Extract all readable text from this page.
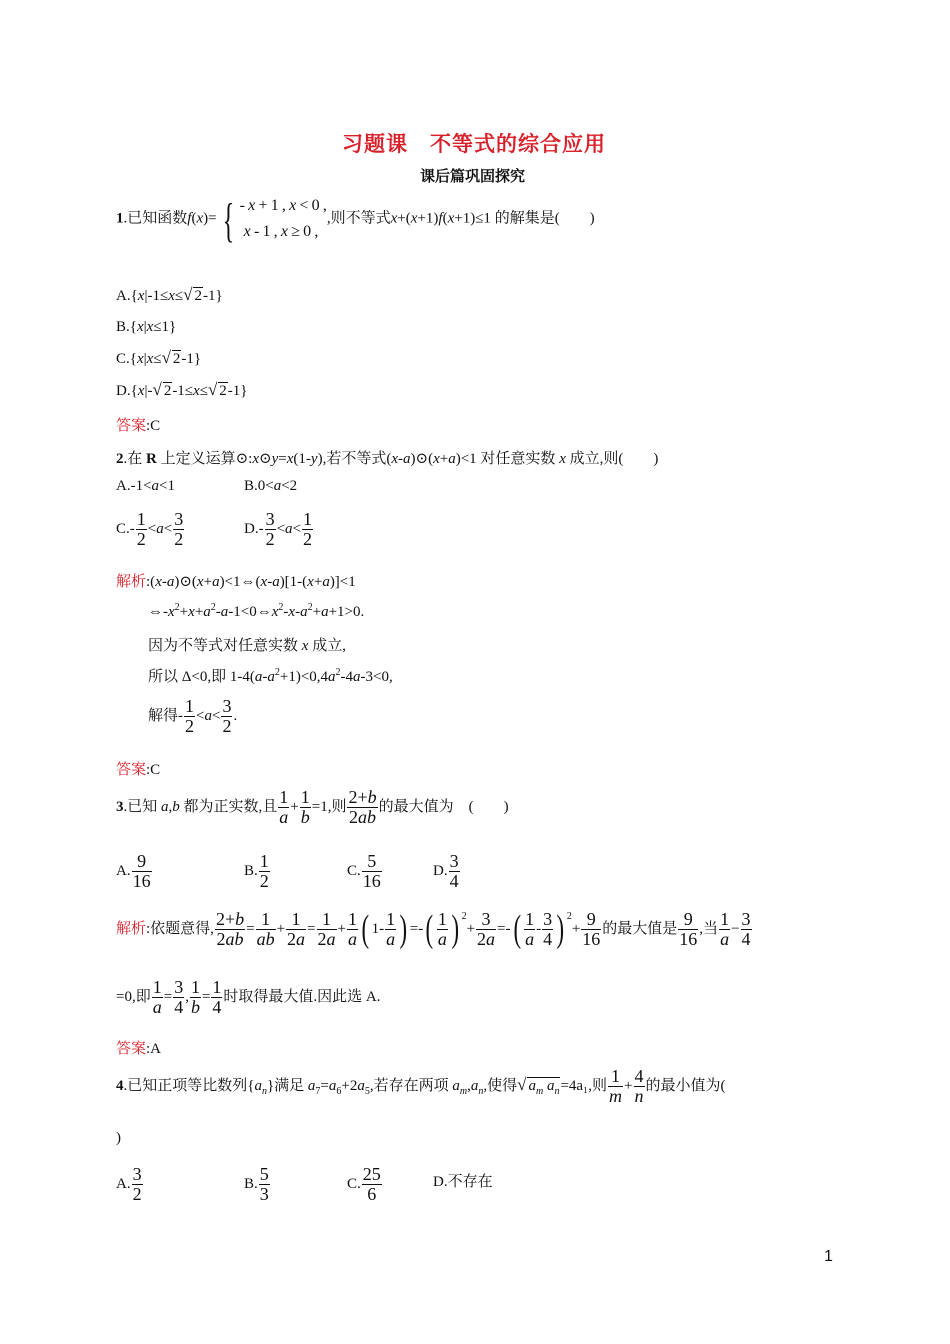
习题课　不等式的综合应用
课后篇巩固探究
1.已知函数f(x)= { - x + 1 , x < 0 ,
x - 1 , x ≥ 0 ,,则不等式x+(x+1)f(x+1)≤1 的解集是(　　)
A.{x|-1≤x≤√ 2-1}
B.{x|x≤1}
C.{x|x≤√ 2-1}
D.{x|-√ 2-1≤x≤√ 2-1}
答案:C
2.在 R 上定义运算⊙:x⊙y=x(1-y),若不等式(x-a)⊙(x+a)<1 对任意实数 x 成立,则(　　)
A.-1<a<1	B.0<a<2
$C.- \frac{1}{2} <a< \frac{3}{2}$	$D.- \frac{3}{2} <a< \frac{1}{2}$
解析:(x-a)⊙(x+a)<1⇔(x-a)[1-(x+a)]<1
$\Leftrightarrow-x^2+x+a^2-a-1<0\Leftrightarrow x^2-x-a^2+a+1>0$.
因为不等式对任意实数 x 成立,
所以 Δ<0,即 $1-4(a-a^2+1)<0,4a^2-4a-3<0$,
解得- $\frac{1}{2} <a< \frac{3}{2}$ .
答案:C
3.已知 a,b 都为正实数,且 $\frac{1}{a} + \frac{1}{b} =1$,则 $\frac{2+b}{2ab}$ 的最大值为　(　　)
A. $\frac{9}{16}$	B. $\frac{1}{2}$	C. $\frac{5}{16}$	D. $\frac{3}{4}$
解析:依题意得, $\frac{2+b}{2ab} = \frac{1}{ab} + \frac{1}{2a} = \frac{1}{2a} + \frac{1}{a}$ ( $1- \frac{1}{a}$ ) =-( $\frac{1}{a}$ ) $^2+ \frac{3}{2a}$ =-( $\frac{1}{a} - \frac{3}{4}$ ) $^2+ \frac{9}{16}$ 的最大值是 $\frac{9}{16}$ ,当 $\frac{1}{a} - \frac{3}{4}$
=0,即 $\frac{1}{a} = \frac{3}{4}$ , $\frac{1}{b} = \frac{1}{4}$ 时取得最大值.因此选 A.
答案:A
4.已知正项等比数列$\{a_n\}$满足 $a_7=a_6+2a_5$,若存在两项 $a_m,a_n$,使得√ $a_m$ $a_n=4a_1$,则 $\frac{1}{m} + \frac{4}{n}$ 的最小值为(
)
A. $\frac{3}{2}$	B. $\frac{5}{3}$	C. $\frac{25}{6}$	D.不存在
1
